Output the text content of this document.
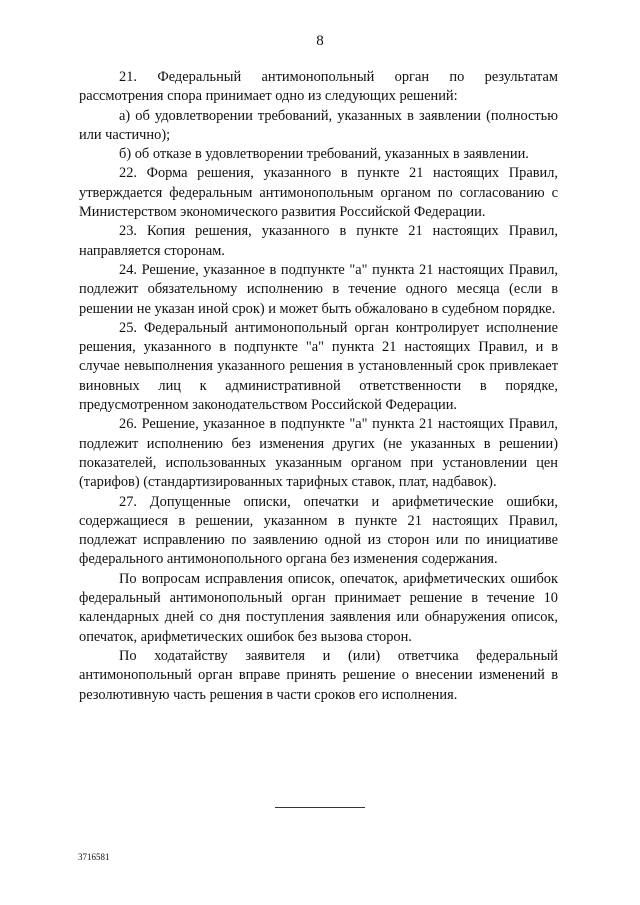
8

21. Федеральный антимонопольный орган по результатам рассмотрения спора принимает одно из следующих решений:

а) об удовлетворении требований, указанных в заявлении (полностью или частично);

б) об отказе в удовлетворении требований, указанных в заявлении.

22. Форма решения, указанного в пункте 21 настоящих Правил, утверждается федеральным антимонопольным органом по согласованию с Министерством экономического развития Российской Федерации.

23. Копия решения, указанного в пункте 21 настоящих Правил, направляется сторонам.

24. Решение, указанное в подпункте "а" пункта 21 настоящих Правил, подлежит обязательному исполнению в течение одного месяца (если в решении не указан иной срок) и может быть обжаловано в судебном порядке.

25. Федеральный антимонопольный орган контролирует исполнение решения, указанного в подпункте "а" пункта 21 настоящих Правил, и в случае невыполнения указанного решения в установленный срок привлекает виновных лиц к административной ответственности в порядке, предусмотренном законодательством Российской Федерации.

26. Решение, указанное в подпункте "а" пункта 21 настоящих Правил, подлежит исполнению без изменения других (не указанных в решении) показателей, использованных указанным органом при установлении цен (тарифов) (стандартизированных тарифных ставок, плат, надбавок).

27. Допущенные описки, опечатки и арифметические ошибки, содержащиеся в решении, указанном в пункте 21 настоящих Правил, подлежат исправлению по заявлению одной из сторон или по инициативе федерального антимонопольного органа без изменения содержания.

По вопросам исправления описок, опечаток, арифметических ошибок федеральный антимонопольный орган принимает решение в течение 10 календарных дней со дня поступления заявления или обнаружения описок, опечаток, арифметических ошибок без вызова сторон.

По ходатайству заявителя и (или) ответчика федеральный антимонопольный орган вправе принять решение о внесении изменений в резолютивную часть решения в части сроков его исполнения.

3716581
